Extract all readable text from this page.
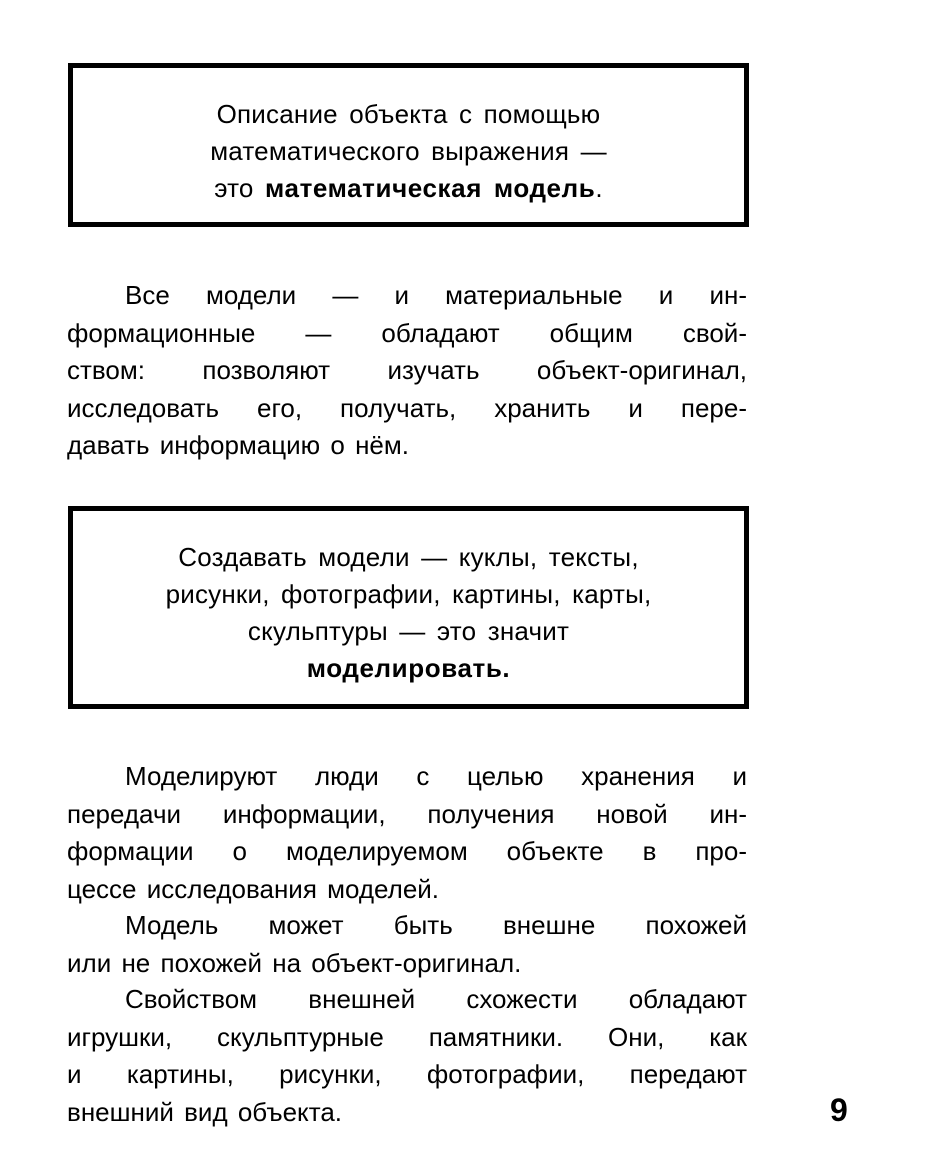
Описание объекта с помощью
математического выражения —
это математическая модель.
Все модели — и материальные и ин-
формационные — обладают общим свой-
ством: позволяют изучать объект-оригинал,
исследовать его, получать, хранить и пере-
давать информацию о нём.
Создавать модели — куклы, тексты,
рисунки, фотографии, картины, карты,
скульптуры — это значит
моделировать.
Моделируют люди с целью хранения и
передачи информации, получения новой ин-
формации о моделируемом объекте в про-
цессе исследования моделей.
Модель может быть внешне похожей
или не похожей на объект-оригинал.
Свойством внешней схожести обладают
игрушки, скульптурные памятники. Они, как
и картины, рисунки, фотографии, передают
внешний вид объекта.	9
